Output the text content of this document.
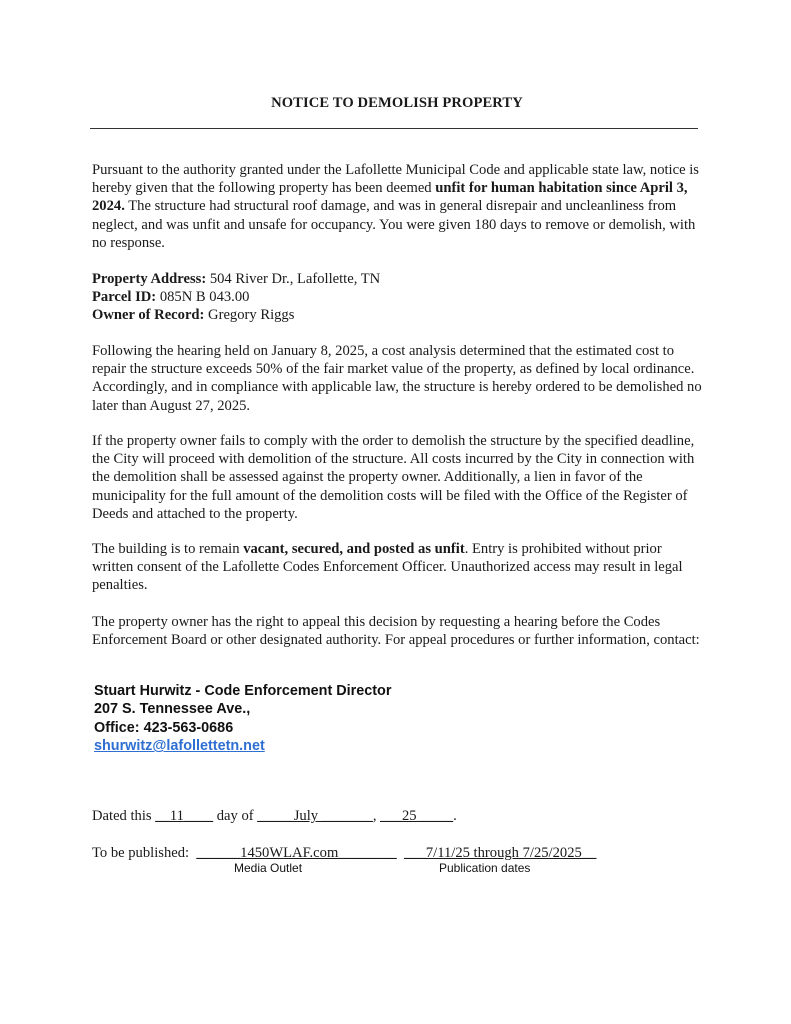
NOTICE TO DEMOLISH PROPERTY

Pursuant to the authority granted under the Lafollette Municipal Code and applicable state law, notice is hereby given that the following property has been deemed unfit for human habitation since April 3, 2024. The structure had structural roof damage, and was in general disrepair and uncleanliness from neglect, and was unfit and unsafe for occupancy. You were given 180 days to remove or demolish, with no response.

Property Address: 504 River Dr., Lafollette, TN
Parcel ID: 085N B 043.00
Owner of Record: Gregory Riggs

Following the hearing held on January 8, 2025, a cost analysis determined that the estimated cost to repair the structure exceeds 50% of the fair market value of the property, as defined by local ordinance. Accordingly, and in compliance with applicable law, the structure is hereby ordered to be demolished no later than August 27, 2025.

If the property owner fails to comply with the order to demolish the structure by the specified deadline, the City will proceed with demolition of the structure. All costs incurred by the City in connection with the demolition shall be assessed against the property owner. Additionally, a lien in favor of the municipality for the full amount of the demolition costs will be filed with the Office of the Register of Deeds and attached to the property.

The building is to remain vacant, secured, and posted as unfit. Entry is prohibited without prior written consent of the Lafollette Codes Enforcement Officer. Unauthorized access may result in legal penalties.

The property owner has the right to appeal this decision by requesting a hearing before the Codes Enforcement Board or other designated authority. For appeal procedures or further information, contact:

Stuart Hurwitz - Code Enforcement Director
207 S. Tennessee Ave.,
Office: 423-563-0686
shurwitz@lafollettetn.net
Dated this __11____ day of _____July _______, ___25_____.
To be published:  ______1450WLAF.com________ ___7/11/25 through 7/25/2025__
Media Outlet	Publication dates
